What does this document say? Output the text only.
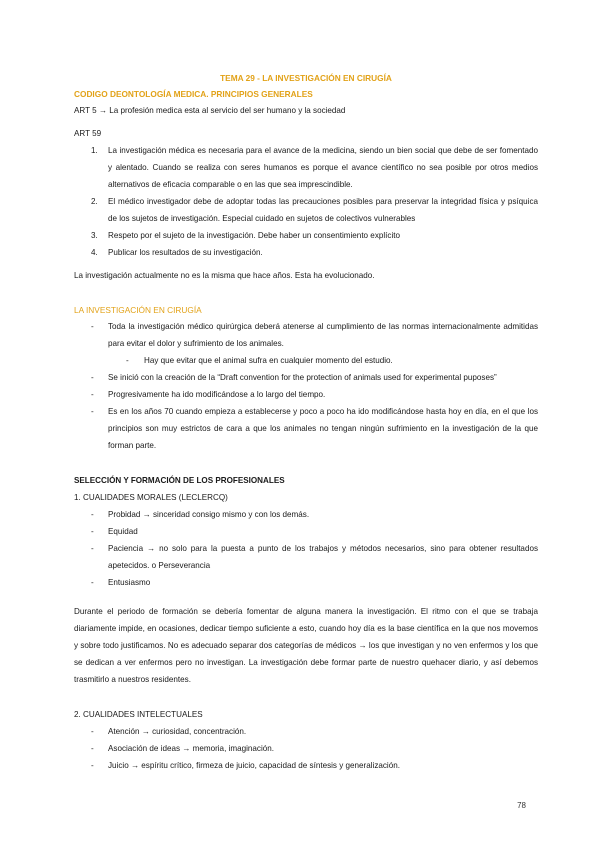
TEMA 29 - LA INVESTIGACIÓN EN CIRUGÍA

CODIGO DEONTOLOGÍA MEDICA. PRINCIPIOS GENERALES

ART 5 → La profesión medica esta al servicio del ser humano y la sociedad

ART 59

1. La investigación médica es necesaria para el avance de la medicina, siendo un bien social que debe de ser fomentado y alentado. Cuando se realiza con seres humanos es porque el avance científico no sea posible por otros medios alternativos de eficacia comparable o en las que sea imprescindible.
2. El médico investigador debe de adoptar todas las precauciones posibles para preservar la integridad física y psíquica de los sujetos de investigación. Especial cuidado en sujetos de colectivos vulnerables
3. Respeto por el sujeto de la investigación. Debe haber un consentimiento explícito
4. Publicar los resultados de su investigación.

La investigación actualmente no es la misma que hace años. Esta ha evolucionado.

LA INVESTIGACIÓN EN CIRUGÍA

- Toda la investigación médico quirúrgica deberá atenerse al cumplimiento de las normas internacionalmente admitidas para evitar el dolor y sufrimiento de los animales.
- Hay que evitar que el animal sufra en cualquier momento del estudio.
- Se inició con la creación de la “Draft convention for the protection of animals used for experimental puposes”
- Progresivamente ha ido modificándose a lo largo del tiempo.
- Es en los años 70 cuando empieza a establecerse y poco a poco ha ido modificándose hasta hoy en día, en el que los principios son muy estrictos de cara a que los animales no tengan ningún sufrimiento en la investigación de la que forman parte.

SELECCIÓN Y FORMACIÓN DE LOS PROFESIONALES

1. CUALIDADES MORALES (LECLERCQ)

- Probidad → sinceridad consigo mismo y con los demás.
- Equidad
- Paciencia → no solo para la puesta a punto de los trabajos y métodos necesarios, sino para obtener resultados apetecidos. o Perseverancia
- Entusiasmo

Durante el periodo de formación se debería fomentar de alguna manera la investigación. El ritmo con el que se trabaja diariamente impide, en ocasiones, dedicar tiempo suficiente a esto, cuando hoy día es la base científica en la que nos movemos y sobre todo justificamos. No es adecuado separar dos categorías de médicos → los que investigan y no ven enfermos y los que se dedican a ver enfermos pero no investigan. La investigación debe formar parte de nuestro quehacer diario, y así debemos trasmitirlo a nuestros residentes.

2. CUALIDADES INTELECTUALES

- Atención → curiosidad, concentración.
- Asociación de ideas → memoria, imaginación.
- Juicio → espíritu crítico, firmeza de juicio, capacidad de síntesis y generalización.
78
